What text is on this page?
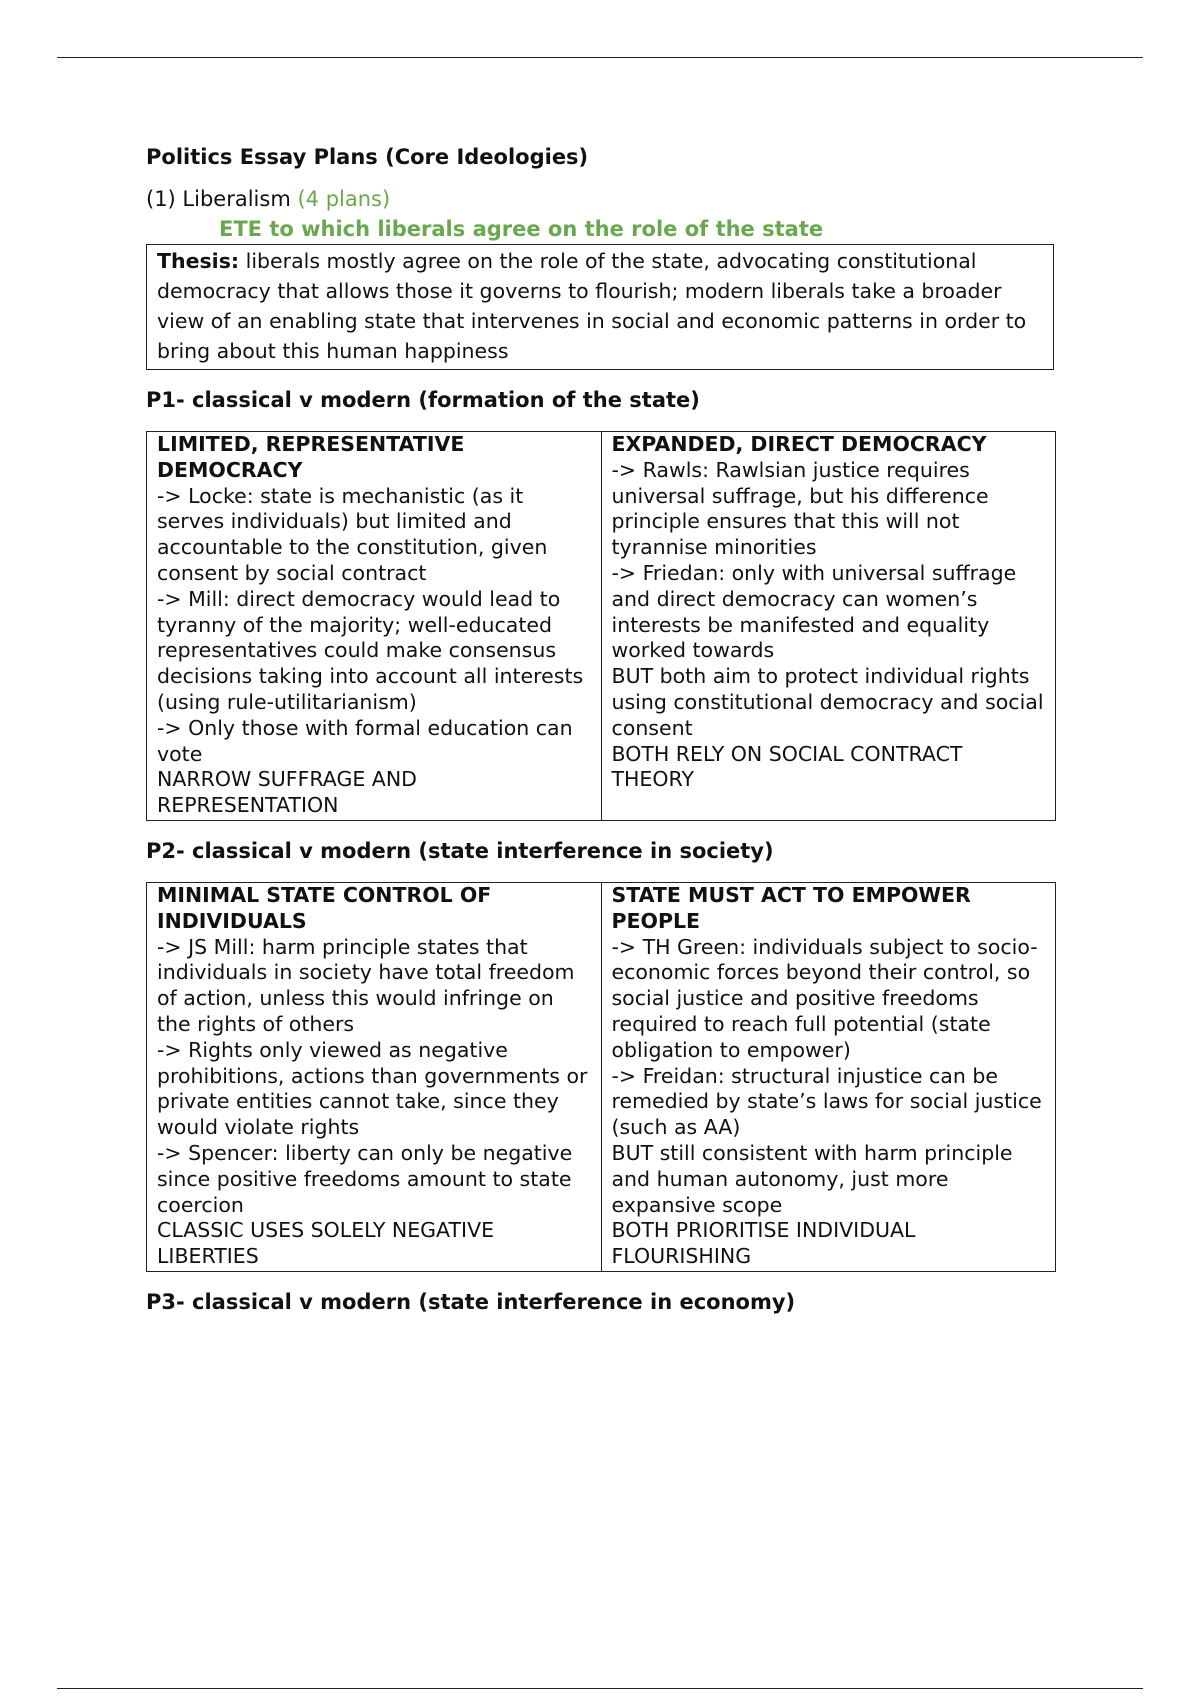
Politics Essay Plans (Core Ideologies)
(1) Liberalism (4 plans)
ETE to which liberals agree on the role of the state
Thesis: liberals mostly agree on the role of the state, advocating constitutional democracy that allows those it governs to flourish; modern liberals take a broader view of an enabling state that intervenes in social and economic patterns in order to bring about this human happiness
P1- classical v modern (formation of the state)
LIMITED, REPRESENTATIVE DEMOCRACY
-> Locke: state is mechanistic (as it serves individuals) but limited and accountable to the constitution, given consent by social contract
-> Mill: direct democracy would lead to tyranny of the majority; well-educated representatives could make consensus decisions taking into account all interests (using rule-utilitarianism)
-> Only those with formal education can vote
NARROW SUFFRAGE AND REPRESENTATION

EXPANDED, DIRECT DEMOCRACY
-> Rawls: Rawlsian justice requires universal suffrage, but his difference principle ensures that this will not tyrannise minorities
-> Friedan: only with universal suffrage and direct democracy can women’s interests be manifested and equality worked towards
BUT both aim to protect individual rights using constitutional democracy and social consent
BOTH RELY ON SOCIAL CONTRACT THEORY
P2- classical v modern (state interference in society)
MINIMAL STATE CONTROL OF INDIVIDUALS
-> JS Mill: harm principle states that individuals in society have total freedom of action, unless this would infringe on the rights of others
-> Rights only viewed as negative prohibitions, actions than governments or private entities cannot take, since they would violate rights
-> Spencer: liberty can only be negative since positive freedoms amount to state coercion
CLASSIC USES SOLELY NEGATIVE LIBERTIES

STATE MUST ACT TO EMPOWER PEOPLE
-> TH Green: individuals subject to socio-economic forces beyond their control, so social justice and positive freedoms required to reach full potential (state obligation to empower)
-> Freidan: structural injustice can be remedied by state’s laws for social justice (such as AA)
BUT still consistent with harm principle and human autonomy, just more expansive scope
BOTH PRIORITISE INDIVIDUAL FLOURISHING
P3- classical v modern (state interference in economy)
